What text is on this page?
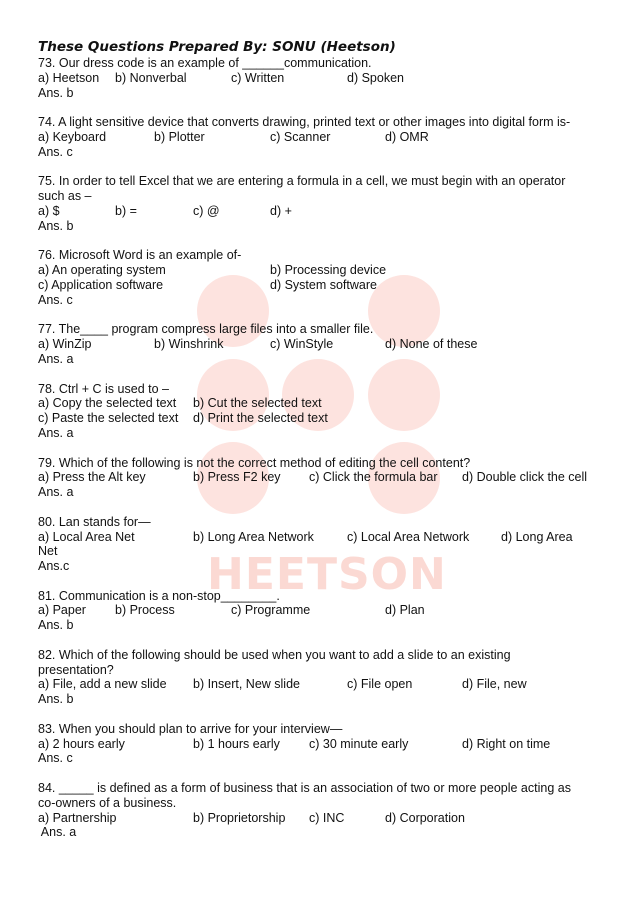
HEETSON
These Questions Prepared By: SONU (Heetson)
73. Our dress code is an example of ______communication.
a) Heetson b) Nonverbal	c) Written	d) Spoken
Ans. b
74. A light sensitive device that converts drawing, printed text or other images into digital form is-
a) Keyboard	b) Plotter	c) Scanner	d) OMR
Ans. c
75. In order to tell Excel that we are entering a formula in a cell, we must begin with an operator
such as –
a) $	b) =	c) @	d) +
Ans. b
76. Microsoft Word is an example of-
a) An operating system	b) Processing device
c) Application software	d) System software
Ans. c
77. The____ program compress large files into a smaller file.
a) WinZip	b) Winshrink	c) WinStyle	d) None of these
Ans. a
78. Ctrl + C is used to –
a) Copy the selected text b) Cut the selected text
c) Paste the selected text d) Print the selected text
Ans. a
79. Which of the following is not the correct method of editing the cell content?
a) Press the Alt key	b) Press F2 key c) Click the formula bar d) Double click the cell
Ans. a
80. Lan stands for—
a) Local Area Net	b) Long Area Network	c) Local Area Network	d) Long Area
Net
Ans.c
81. Communication is a non-stop________.
a) Paper b) Process	c) Programme	d) Plan
Ans. b
82. Which of the following should be used when you want to add a slide to an existing
presentation?
a) File, add a new slide b) Insert, New slide	c) File open	d) File, new
Ans. b
83. When you should plan to arrive for your interview—
a) 2 hours early	b) 1 hours early c) 30 minute early	d) Right on time
Ans. c
84. _____ is defined as a form of business that is an association of two or more people acting as
co-owners of a business.
a) Partnership	b) Proprietorship c) INC	d) Corporation
Ans. a
